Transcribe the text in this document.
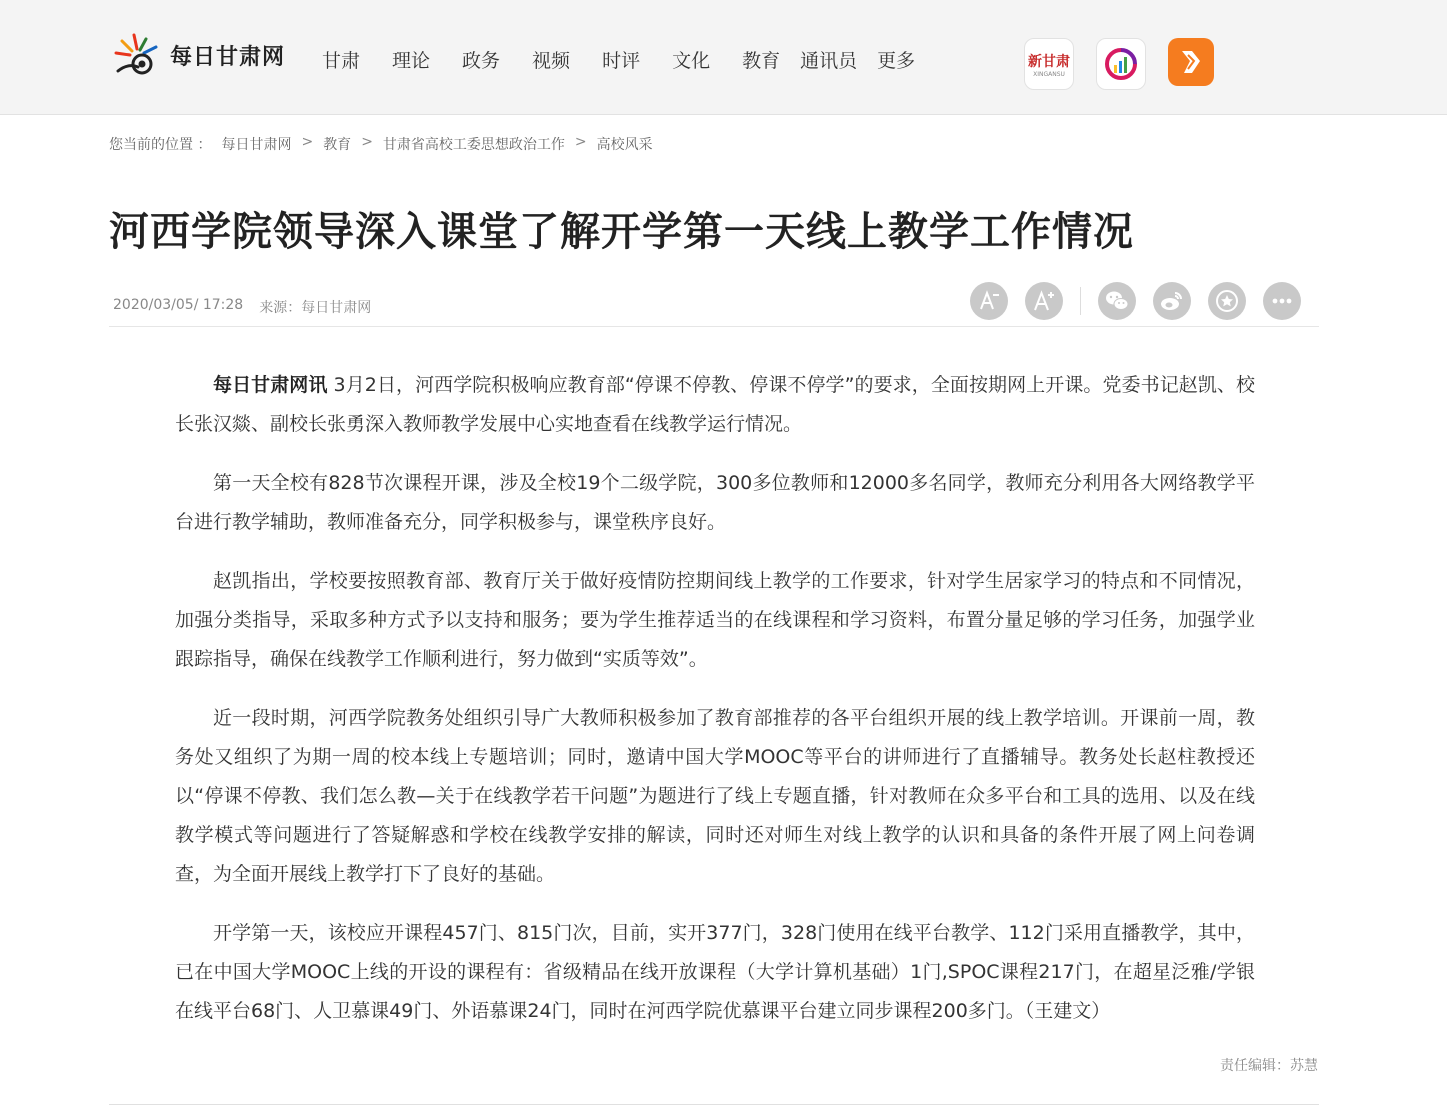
每日甘肃网 甘肃 理论 政务 视频 时评 文化 教育 通讯员 更多	新甘肃
XINGANSU
您当前的位置 ： 每日甘肃网 > 教育 > 甘肃省高校工委思想政治工作 > 高校风采
河西学院领导深入课堂了解开学第一天线上教学工作情况
2020/03/05/ 17:28 来源：每日甘肃网

每日甘肃网讯 3月2日，河西学院积极响应教育部“停课不停教、停课不停学”的要求，全面按期网上开课。党委书记赵凯、校长张汉燚、副校长张勇深入教师教学发展中心实地查看在线教学运行情况。

第一天全校有828节次课程开课，涉及全校19个二级学院，300多位教师和12000多名同学，教师充分利用各大网络教学平台进行教学辅助，教师准备充分，同学积极参与，课堂秩序良好。

赵凯指出，学校要按照教育部、教育厅关于做好疫情防控期间线上教学的工作要求，针对学生居家学习的特点和不同情况，加强分类指导，采取多种方式予以支持和服务；要为学生推荐适当的在线课程和学习资料，布置分量足够的学习任务，加强学业跟踪指导，确保在线教学工作顺利进行，努力做到“实质等效”。

近一段时期，河西学院教务处组织引导广大教师积极参加了教育部推荐的各平台组织开展的线上教学培训。开课前一周，教务处又组织了为期一周的校本线上专题培训；同时，邀请中国大学MOOC等平台的讲师进行了直播辅导。教务处长赵柱教授还以“停课不停教、我们怎么教—关于在线教学若干问题”为题进行了线上专题直播，针对教师在众多平台和工具的选用、以及在线教学模式等问题进行了答疑解惑和学校在线教学安排的解读，同时还对师生对线上教学的认识和具备的条件开展了网上问卷调查，为全面开展线上教学打下了良好的基础。

开学第一天，该校应开课程457门、815门次，目前，实开377门，328门使用在线平台教学、112门采用直播教学，其中，已在中国大学MOOC上线的开设的课程有：省级精品在线开放课程（大学计算机基础）1门,SPOC课程217门，在超星泛雅/学银在线平台68门、人卫慕课49门、外语慕课24门，同时在河西学院优慕课平台建立同步课程200多门。（王建文）

责任编辑：苏慧
